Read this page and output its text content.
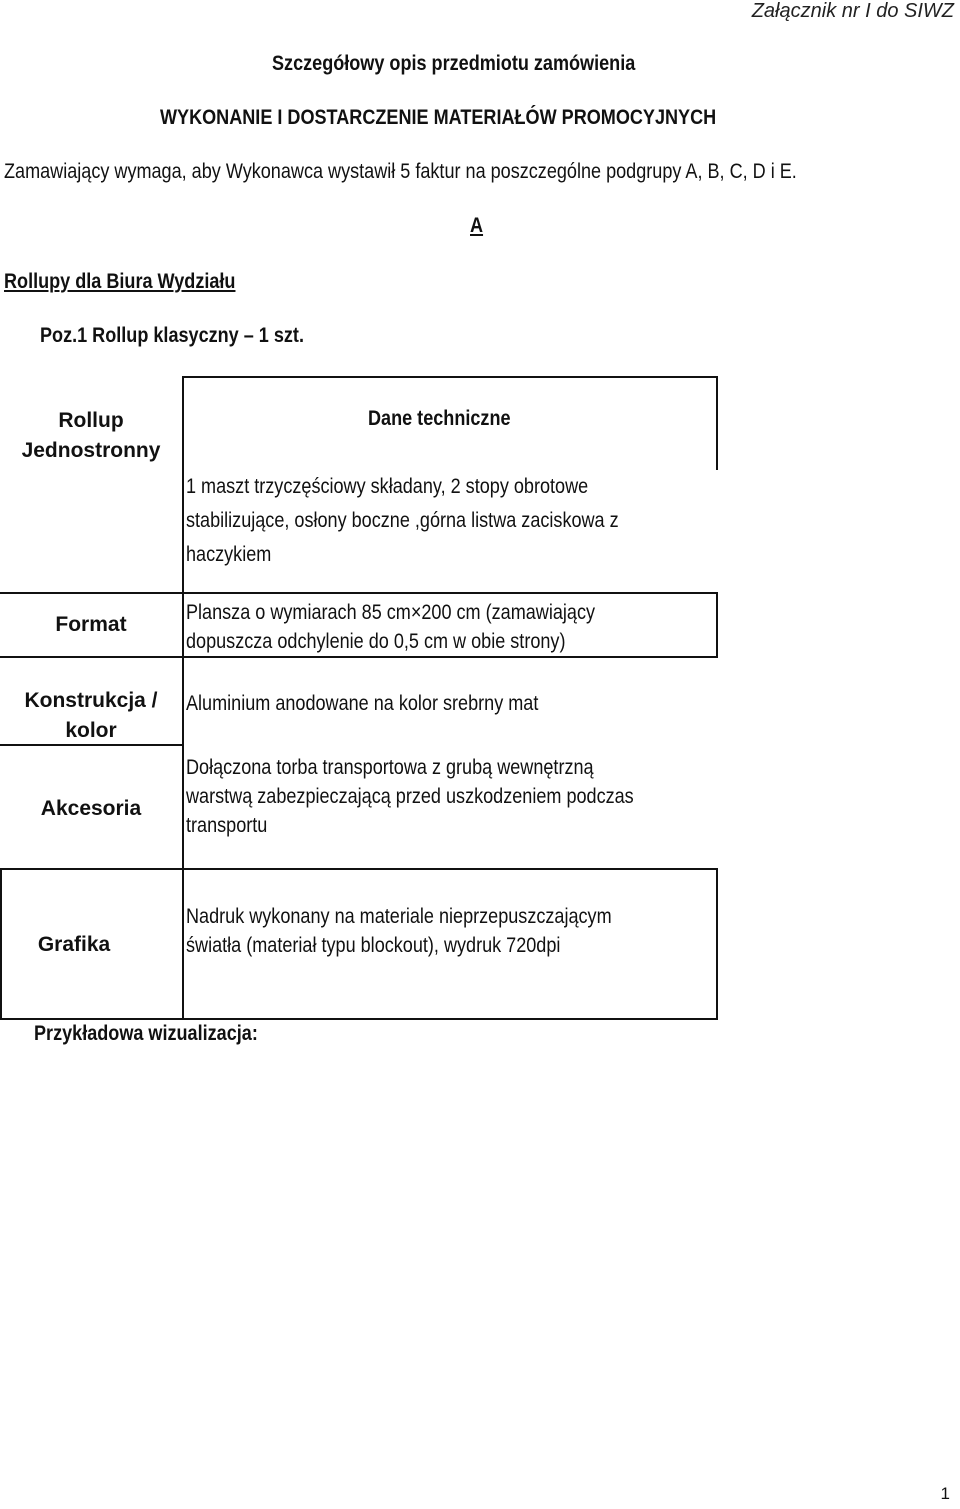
Załącznik nr I do SIWZ
Szczegółowy opis przedmiotu zamówienia
WYKONANIE I DOSTARCZENIE MATERIAŁÓW PROMOCYJNYCH
Zamawiający wymaga, aby Wykonawca wystawił 5 faktur na poszczególne podgrupy A, B, C, D i E.
A
Rollupy dla Biura Wydziału
Poz.1 Rollup klasyczny – 1 szt.
Rollup
Jednostronny
Dane techniczne
1 maszt trzyczęściowy składany, 2 stopy obrotowe
stabilizujące, osłony boczne ,górna listwa zaciskowa z
haczykiem
Format
Plansza o wymiarach 85 cm×200 cm (zamawiający
dopuszcza odchylenie do 0,5 cm w obie strony)
Konstrukcja /
kolor
Aluminium anodowane na kolor srebrny mat
Akcesoria
Dołączona torba transportowa z grubą wewnętrzną
warstwą zabezpieczającą przed uszkodzeniem podczas
transportu
Grafika
Nadruk wykonany na materiale nieprzepuszczającym
światła (materiał typu blockout), wydruk 720dpi
Przykładowa wizualizacja:
1
